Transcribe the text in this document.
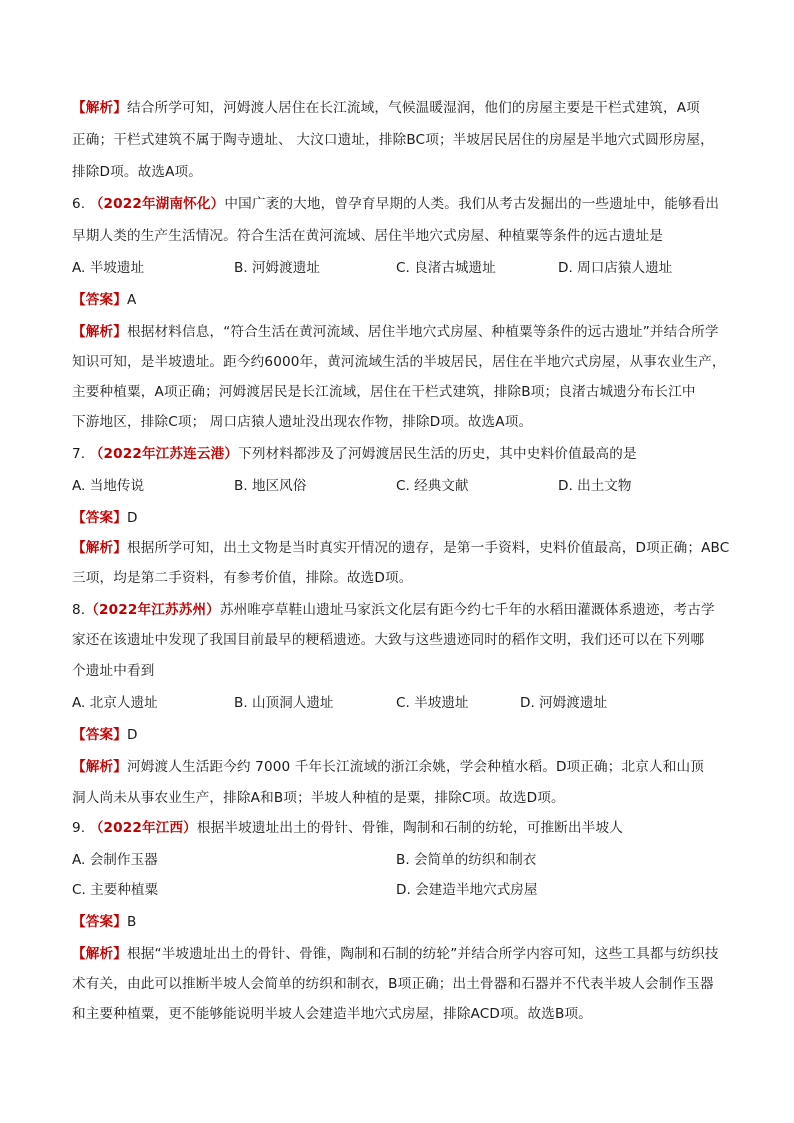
【解析】结合所学可知，河姆渡人居住在长江流域，气候温暖湿润，他们的房屋主要是干栏式建筑，A项
正确；干栏式建筑不属于陶寺遗址、 大汶口遗址，排除BC项；半坡居民居住的房屋是半地穴式圆形房屋，
排除D项。故选A项。
6. （2022年湖南怀化）中国广袤的大地，曾孕育早期的人类。我们从考古发掘出的一些遗址中，能够看出
早期人类的生产生活情况。符合生活在黄河流域、居住半地穴式房屋、种植粟等条件的远古遗址是
A. 半坡遗址	B. 河姆渡遗址	C. 良渚古城遗址	D. 周口店猿人遗址
【答案】A
【解析】根据材料信息，“符合生活在黄河流域、居住半地穴式房屋、种植粟等条件的远古遗址”并结合所学
知识可知，是半坡遗址。距今约6000年，黄河流域生活的半坡居民，居住在半地穴式房屋，从事农业生产，
主要种植粟，A项正确；河姆渡居民是长江流域，居住在干栏式建筑，排除B项；良渚古城遗分布长江中
下游地区，排除C项； 周口店猿人遗址没出现农作物，排除D项。故选A项。
7. （2022年江苏连云港）下列材料都涉及了河姆渡居民生活的历史，其中史料价值最高的是
A. 当地传说	B. 地区风俗	C. 经典文献	D. 出土文物
【答案】D
【解析】根据所学可知，出土文物是当时真实开情况的遗存，是第一手资料，史料价值最高，D项正确；ABC
三项，均是第二手资料，有参考价值，排除。故选D项。
8.（2022年江苏苏州）苏州唯亭草鞋山遗址马家浜文化层有距今约七千年的水稻田灌溉体系遗迹，考古学
家还在该遗址中发现了我国目前最早的粳稻遗迹。大致与这些遗迹同时的稻作文明，我们还可以在下列哪
个遗址中看到
A. 北京人遗址	B. 山顶洞人遗址	C. 半坡遗址	D. 河姆渡遗址
【答案】D
【解析】河姆渡人生活距今约 7000 千年长江流域的浙江余姚，学会种植水稻。D项正确；北京人和山顶
洞人尚未从事农业生产，排除A和B项；半坡人种植的是粟，排除C项。故选D项。
9. （2022年江西）根据半坡遗址出土的骨针、骨锥，陶制和石制的纺轮，可推断出半坡人
A. 会制作玉器	B. 会简单的纺织和制衣
C. 主要种植粟	D. 会建造半地穴式房屋
【答案】B
【解析】根据“半坡遗址出土的骨针、骨锥，陶制和石制的纺轮”并结合所学内容可知，这些工具都与纺织技
术有关，由此可以推断半坡人会简单的纺织和制衣，B项正确；出土骨器和石器并不代表半坡人会制作玉器
和主要种植粟，更不能够能说明半坡人会建造半地穴式房屋，排除ACD项。故选B项。
